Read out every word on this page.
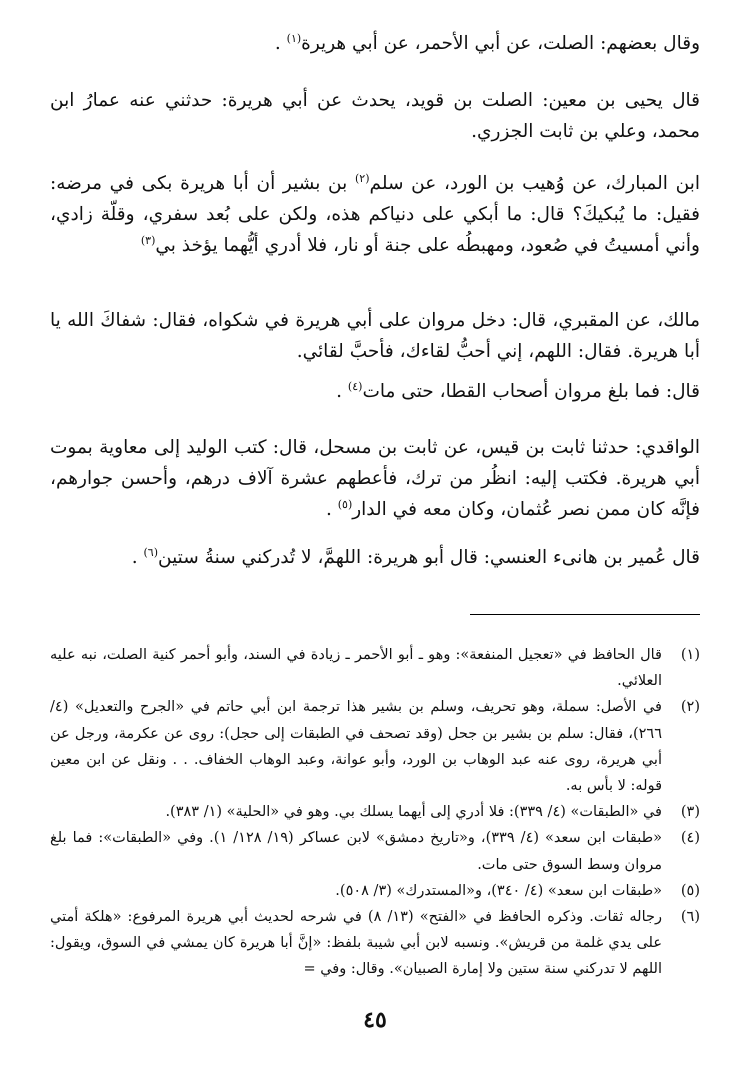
وقال بعضهم: الصلت، عن أبي الأحمر، عن أبي هريرة$^{(١)}$ .

قال يحيى بن معين: الصلت بن قويد، يحدث عن أبي هريرة: حدثني عنه عمارُ ابن محمد، وعلي بن ثابت الجزري.

ابن المبارك، عن وُهيب بن الورد، عن سلم$^{(٢)}$ بن بشير أن أبا هريرة بكى في مرضه: فقيل: ما يُبكيكَ؟ قال: ما أبكي على دنياكم هذه، ولكن على بُعد سفري، وقلّة زادي، وأني أمسيتُ في صُعود، ومهبطُه على جنة أو نار، فلا أدري أيُّهما يؤخذ بي$^{(٣)}$

مالك، عن المقبري، قال: دخل مروان على أبي هريرة في شكواه، فقال: شفاكَ الله يا أبا هريرة. فقال: اللهم، إني أحبُّ لقاءك، فأحبَّ لقائي.

قال: فما بلغ مروان أصحاب القطا، حتى مات$^{(٤)}$ .

الواقدي: حدثنا ثابت بن قيس، عن ثابت بن مسحل، قال: كتب الوليد إلى معاوية بموت أبي هريرة. فكتب إليه: انظُر من ترك، فأعطهم عشرة آلاف درهم، وأحسن جوارهم، فإنَّه كان ممن نصر عُثمان، وكان معه في الدار$^{(٥)}$ .

قال عُمير بن هانىء العنسي: قال أبو هريرة: اللهمَّ، لا تُدركني سنةُ ستين$^{(٦)}$ .

(١)
قال الحافظ في «تعجيل المنفعة»: وهو ـ أبو الأحمر ـ زيادة في السند، وأبو أحمر كنية الصلت، نبه عليه العلائي.
(٢)
في الأصل: سملة، وهو تحريف، وسلم بن بشير هذا ترجمة ابن أبي حاتم في «الجرح والتعديل» (٤/ ٢٦٦)، فقال: سلم بن بشير بن جحل (وقد تصحف في الطبقات إلى حجل): روى عن عكرمة، ورجل عن أبي هريرة، روى عنه عبد الوهاب بن الورد، وأبو عوانة، وعبد الوهاب الخفاف. . . ونقل عن ابن معين قوله: لا بأس به.
(٣)
في «الطبقات» (٤/ ٣٣٩): فلا أدري إلى أيهما يسلك بي. وهو في «الحلية» (١/ ٣٨٣).
(٤)
«طبقات ابن سعد» (٤/ ٣٣٩)، و«تاريخ دمشق» لابن عساكر (١٩/ ١٢٨/ ١). وفي «الطبقات»: فما بلغ مروان وسط السوق حتى مات.
(٥)
«طبقات ابن سعد» (٤/ ٣٤٠)، و«المستدرك» (٣/ ٥٠٨).
(٦)
رجاله ثقات. وذكره الحافظ في «الفتح» (١٣/ ٨) في شرحه لحديث أبي هريرة المرفوع: «هلكة أمتي على يدي غلمة من قريش». ونسبه لابن أبي شيبة بلفظ: «إنَّ أبا هريرة كان يمشي في السوق، ويقول: اللهم لا تدركني سنة ستين ولا إمارة الصبيان». وقال: وفي =
٤٥
